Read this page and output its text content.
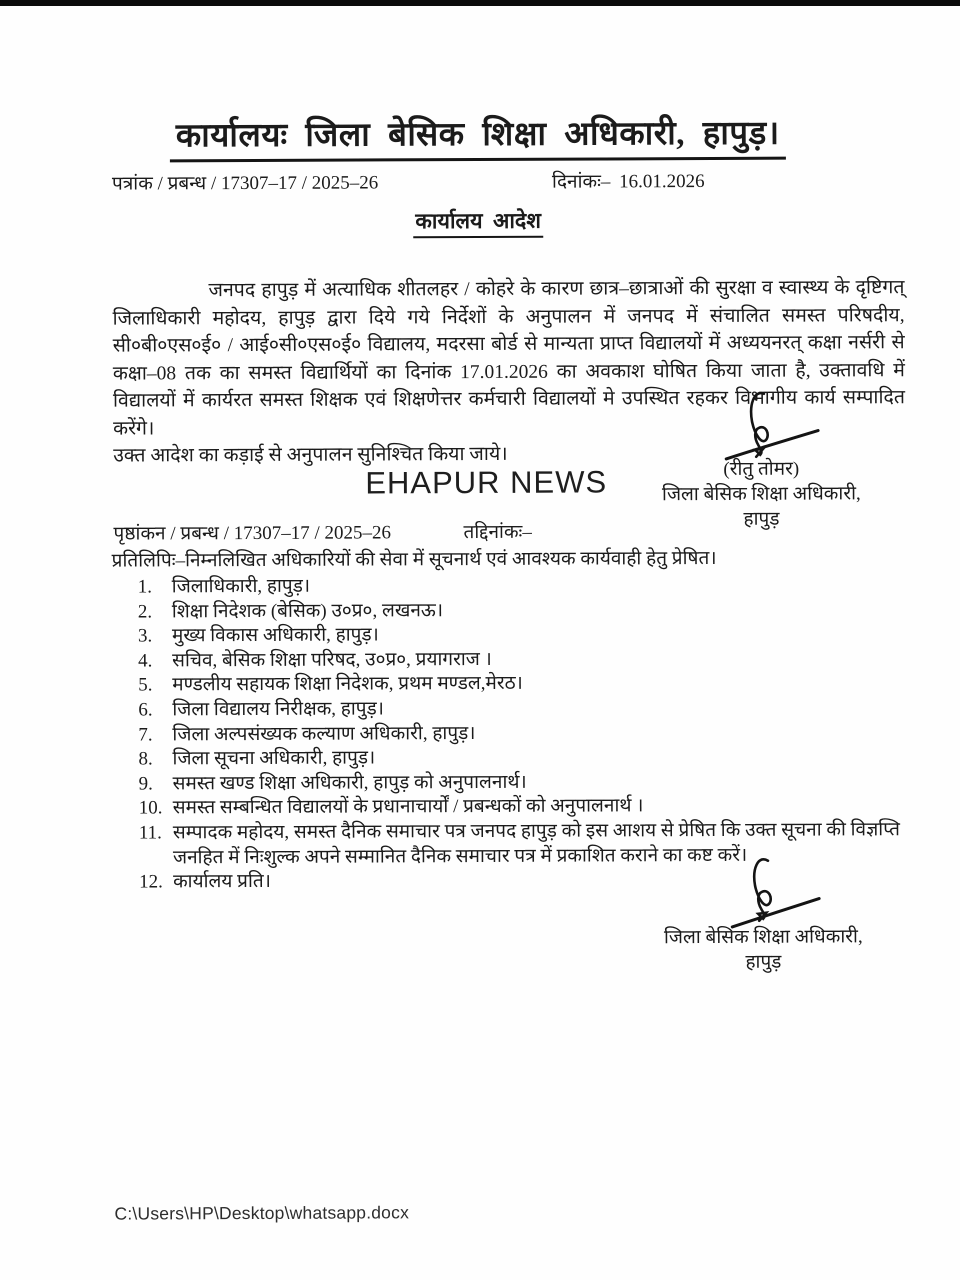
कार्यालयः जिला बेसिक शिक्षा अधिकारी, हापुड़।
पत्रांक / प्रबन्ध / 17307–17 / 2025–26	दिनांकः– 16.01.2026
कार्यालय आदेश

जनपद हापुड़ में अत्याधिक शीतलहर / कोहरे के कारण छात्र–छात्राओं की सुरक्षा व स्वास्थ्य के दृष्टिगत् जिलाधिकारी महोदय, हापुड़ द्वारा दिये गये निर्देशों के अनुपालन में जनपद में संचालित समस्त परिषदीय, सी०बी०एस०ई० / आई०सी०एस०ई० विद्यालय, मदरसा बोर्ड से मान्यता प्राप्त विद्यालयों में अध्ययनरत् कक्षा नर्सरी से कक्षा–08 तक का समस्त विद्यार्थियों का दिनांक 17.01.2026 का अवकाश घोषित किया जाता है, उक्तावधि में विद्यालयों में कार्यरत समस्त शिक्षक एवं शिक्षणेत्तर कर्मचारी विद्यालयों मे उपस्थित रहकर विभागीय कार्य सम्पादित करेंगे।

उक्त आदेश का कड़ाई से अनुपालन सुनिश्चित किया जाये।

(रीतु तोमर)
जिला बेसिक शिक्षा अधिकारी,
हापुड़
EHAPUR NEWS
पृष्ठांकन / प्रबन्ध / 17307–17 / 2025–26	तद्दिनांकः–
प्रतिलिपिः–निम्नलिखित अधिकारियों की सेवा में सूचनार्थ एवं आवश्यक कार्यवाही हेतु प्रेषित।
1.	जिलाधिकारी, हापुड़।
2.	शिक्षा निदेशक (बेसिक) उ०प्र०, लखनऊ।
3.	मुख्य विकास अधिकारी, हापुड़।
4.	सचिव, बेसिक शिक्षा परिषद, उ०प्र०, प्रयागराज ।
5.	मण्डलीय सहायक शिक्षा निदेशक, प्रथम मण्डल,मेरठ।
6.	जिला विद्यालय निरीक्षक, हापुड़।
7.	जिला अल्पसंख्यक कल्याण अधिकारी, हापुड़।
8.	जिला सूचना अधिकारी, हापुड़।
9.	समस्त खण्ड शिक्षा अधिकारी, हापुड़ को अनुपालनार्थ।
10. समस्त सम्बन्धित विद्यालयों के प्रधानाचार्यों / प्रबन्धकों को अनुपालनार्थ ।
11. सम्पादक महोदय, समस्त दैनिक समाचार पत्र जनपद हापुड़ को इस आशय से प्रेषित कि उक्त सूचना की विज्ञप्ति जनहित में निःशुल्क अपने सम्मानित दैनिक समाचार पत्र में प्रकाशित कराने का कष्ट करें।
12. कार्यालय प्रति।
जिला बेसिक शिक्षा अधिकारी,
हापुड़
C:\Users\HP\Desktop\whatsapp.docx
